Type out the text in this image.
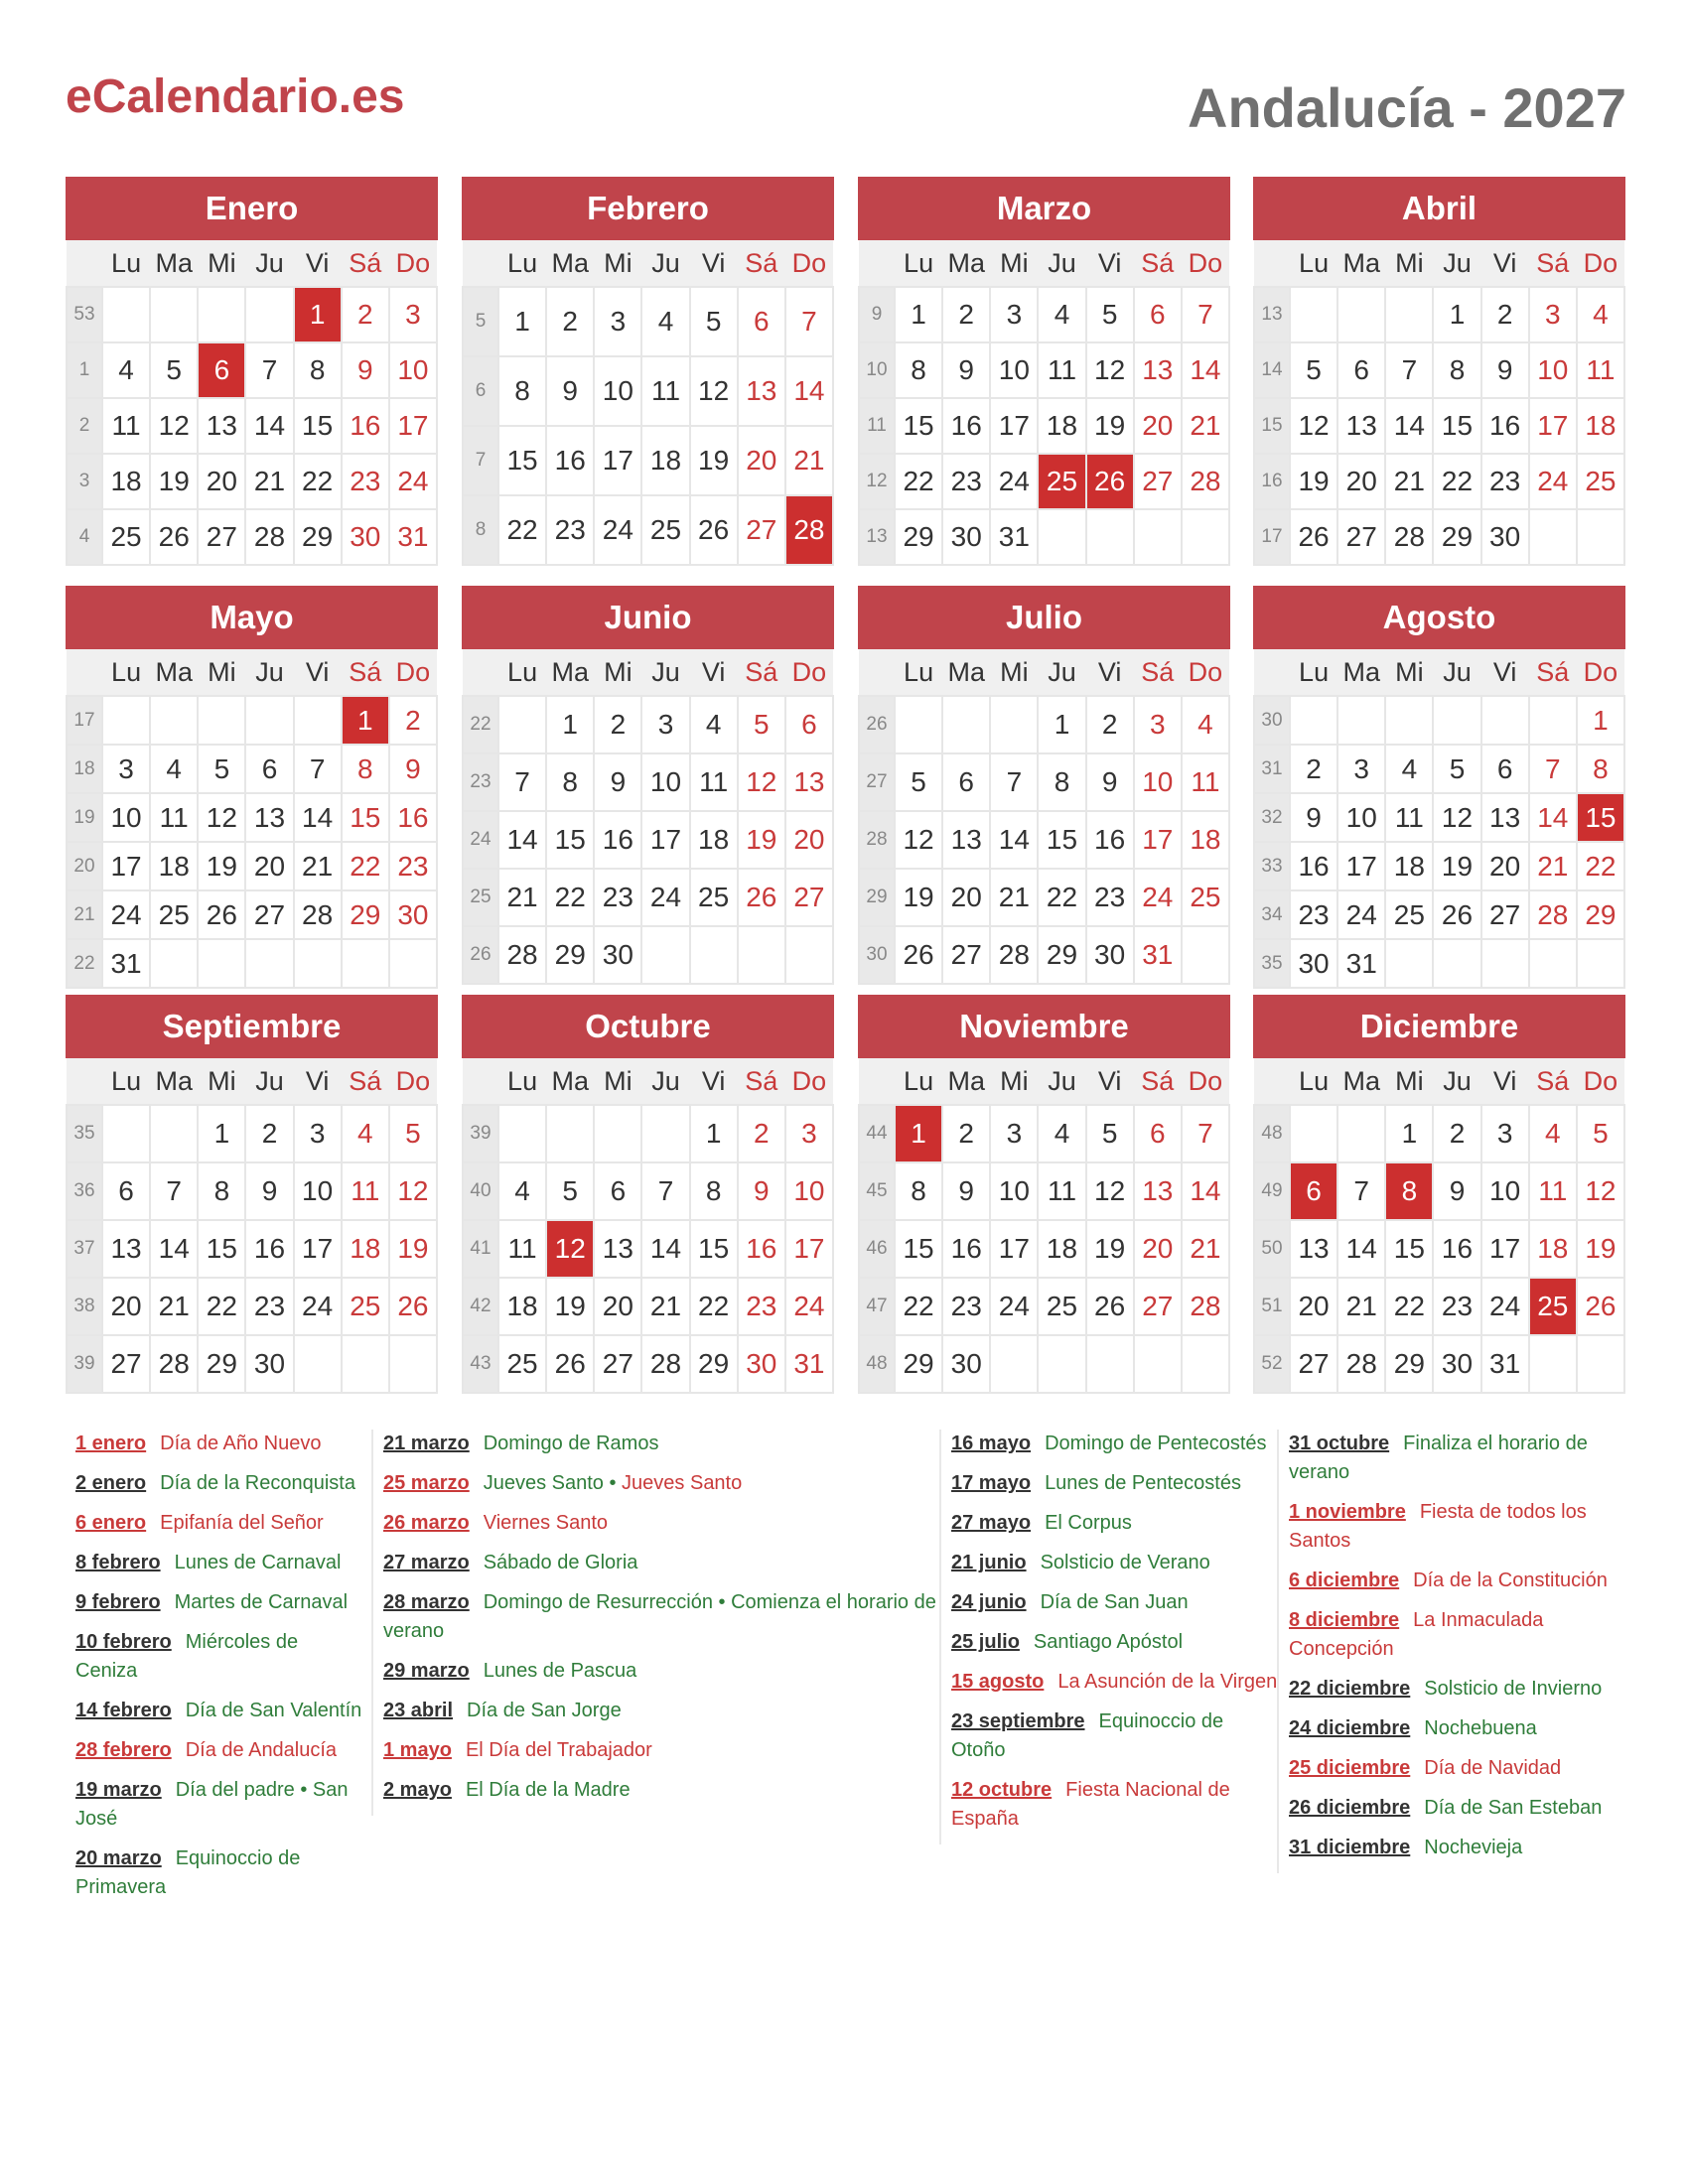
eCalendario.es	Andalucía - 2027
Enero
	Lu	Ma	Mi	Ju	Vi	Sá	Do
53					1	2	3
1	4	5	6	7	8	9	10
2	11	12	13	14	15	16	17
3	18	19	20	21	22	23	24
4	25	26	27	28	29	30	31
Febrero
	Lu	Ma	Mi	Ju	Vi	Sá	Do
5	1	2	3	4	5	6	7
6	8	9	10	11	12	13	14
7	15	16	17	18	19	20	21
8	22	23	24	25	26	27	28
Marzo
	Lu	Ma	Mi	Ju	Vi	Sá	Do
9	1	2	3	4	5	6	7
10	8	9	10	11	12	13	14
11	15	16	17	18	19	20	21
12	22	23	24	25	26	27	28
13	29	30	31				
Abril
	Lu	Ma	Mi	Ju	Vi	Sá	Do
13				1	2	3	4
14	5	6	7	8	9	10	11
15	12	13	14	15	16	17	18
16	19	20	21	22	23	24	25
17	26	27	28	29	30		
Mayo
	Lu	Ma	Mi	Ju	Vi	Sá	Do
17						1	2
18	3	4	5	6	7	8	9
19	10	11	12	13	14	15	16
20	17	18	19	20	21	22	23
21	24	25	26	27	28	29	30
22	31						
Junio
	Lu	Ma	Mi	Ju	Vi	Sá	Do
22		1	2	3	4	5	6
23	7	8	9	10	11	12	13
24	14	15	16	17	18	19	20
25	21	22	23	24	25	26	27
26	28	29	30				
Julio
	Lu	Ma	Mi	Ju	Vi	Sá	Do
26				1	2	3	4
27	5	6	7	8	9	10	11
28	12	13	14	15	16	17	18
29	19	20	21	22	23	24	25
30	26	27	28	29	30	31	
Agosto
	Lu	Ma	Mi	Ju	Vi	Sá	Do
30							1
31	2	3	4	5	6	7	8
32	9	10	11	12	13	14	15
33	16	17	18	19	20	21	22
34	23	24	25	26	27	28	29
35	30	31					
Septiembre
	Lu	Ma	Mi	Ju	Vi	Sá	Do
35			1	2	3	4	5
36	6	7	8	9	10	11	12
37	13	14	15	16	17	18	19
38	20	21	22	23	24	25	26
39	27	28	29	30			
Octubre
	Lu	Ma	Mi	Ju	Vi	Sá	Do
39					1	2	3
40	4	5	6	7	8	9	10
41	11	12	13	14	15	16	17
42	18	19	20	21	22	23	24
43	25	26	27	28	29	30	31
Noviembre
	Lu	Ma	Mi	Ju	Vi	Sá	Do
44	1	2	3	4	5	6	7
45	8	9	10	11	12	13	14
46	15	16	17	18	19	20	21
47	22	23	24	25	26	27	28
48	29	30					
Diciembre
	Lu	Ma	Mi	Ju	Vi	Sá	Do
48			1	2	3	4	5
49	6	7	8	9	10	11	12
50	13	14	15	16	17	18	19
51	20	21	22	23	24	25	26
52	27	28	29	30	31		
1 enero Día de Año Nuevo
2 enero Día de la Reconquista
6 enero Epifanía del Señor
8 febrero Lunes de Carnaval
9 febrero Martes de Carnaval
10 febrero Miércoles de Ceniza
14 febrero Día de San Valentín
28 febrero Día de Andalucía
19 marzo Día del padre • San José
20 marzo Equinoccio de Primavera
21 marzo Domingo de Ramos
25 marzo Jueves Santo • Jueves Santo
26 marzo Viernes Santo
27 marzo Sábado de Gloria
28 marzo Domingo de Resurrección • Comienza el horario de verano
29 marzo Lunes de Pascua
23 abril Día de San Jorge
1 mayo El Día del Trabajador
2 mayo El Día de la Madre
16 mayo Domingo de Pentecostés
17 mayo Lunes de Pentecostés
27 mayo El Corpus
21 junio Solsticio de Verano
24 junio Día de San Juan
25 julio Santiago Apóstol
15 agosto La Asunción de la Virgen
23 septiembre Equinoccio de Otoño
12 octubre Fiesta Nacional de España
31 octubre Finaliza el horario de verano
1 noviembre Fiesta de todos los Santos
6 diciembre Día de la Constitución
8 diciembre La Inmaculada Concepción
22 diciembre Solsticio de Invierno
24 diciembre Nochebuena
25 diciembre Día de Navidad
26 diciembre Día de San Esteban
31 diciembre Nochevieja
